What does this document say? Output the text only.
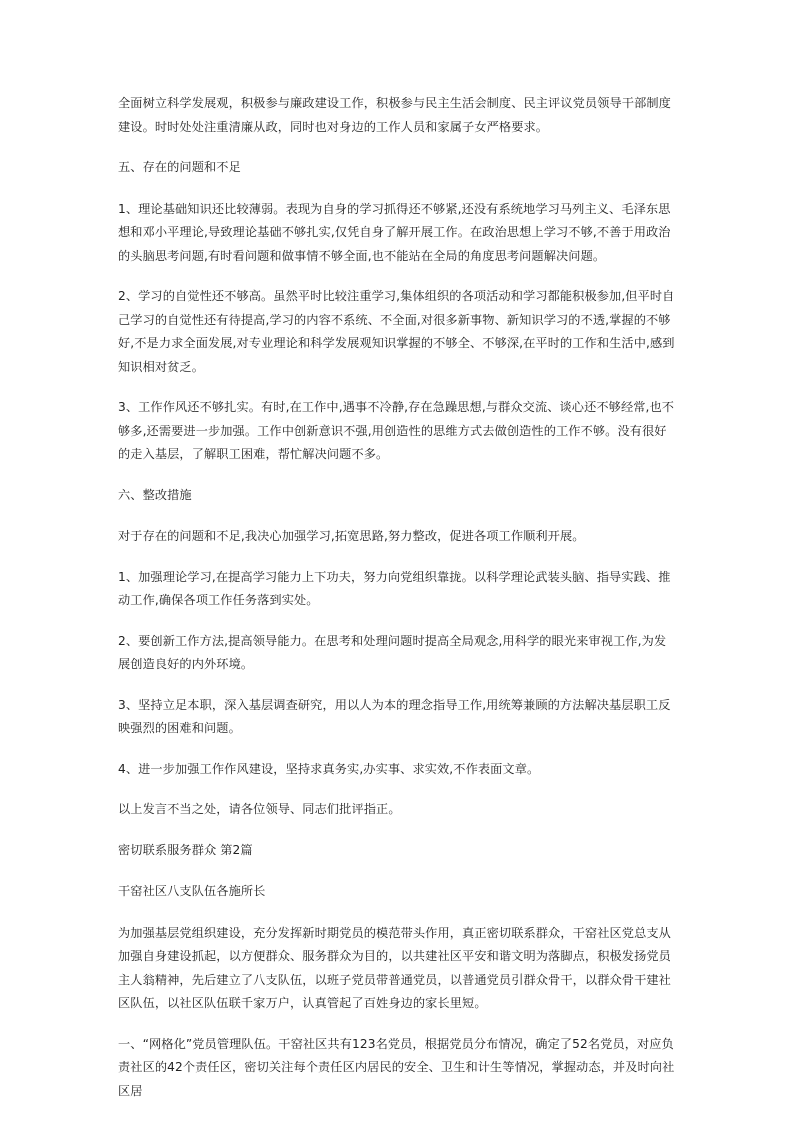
全面树立科学发展观，积极参与廉政建设工作，积极参与民主生活会制度、民主评议党员领导干部制度建设。时时处处注重清廉从政，同时也对身边的工作人员和家属子女严格要求。

五、存在的问题和不足

1、理论基础知识还比较薄弱。表现为自身的学习抓得还不够紧,还没有系统地学习马列主义、毛泽东思想和邓小平理论,导致理论基础不够扎实,仅凭自身了解开展工作。在政治思想上学习不够,不善于用政治的头脑思考问题,有时看问题和做事情不够全面,也不能站在全局的角度思考问题解决问题。

2、学习的自觉性还不够高。虽然平时比较注重学习,集体组织的各项活动和学习都能积极参加,但平时自己学习的自觉性还有待提高,学习的内容不系统、不全面,对很多新事物、新知识学习的不透,掌握的不够好,不是力求全面发展,对专业理论和科学发展观知识掌握的不够全、不够深,在平时的工作和生活中,感到知识相对贫乏。

3、工作作风还不够扎实。有时,在工作中,遇事不冷静,存在急躁思想,与群众交流、谈心还不够经常,也不够多,还需要进一步加强。工作中创新意识不强,用创造性的思维方式去做创造性的工作不够。没有很好的走入基层，了解职工困难，帮忙解决问题不多。

六、整改措施

对于存在的问题和不足,我决心加强学习,拓宽思路,努力整改，促进各项工作顺利开展。

1、加强理论学习,在提高学习能力上下功夫，努力向党组织靠拢。以科学理论武装头脑、指导实践、推动工作,确保各项工作任务落到实处。

2、要创新工作方法,提高领导能力。在思考和处理问题时提高全局观念,用科学的眼光来审视工作,为发展创造良好的内外环境。

3、坚持立足本职，深入基层调查研究，用以人为本的理念指导工作,用统筹兼顾的方法解决基层职工反映强烈的困难和问题。

4、进一步加强工作作风建设，坚持求真务实,办实事、求实效,不作表面文章。

以上发言不当之处，请各位领导、同志们批评指正。

密切联系服务群众 第2篇

干窑社区八支队伍各施所长

为加强基层党组织建设，充分发挥新时期党员的模范带头作用，真正密切联系群众，干窑社区党总支从加强自身建设抓起，以方便群众、服务群众为目的，以共建社区平安和谐文明为落脚点，积极发扬党员主人翁精神，先后建立了八支队伍，以班子党员带普通党员，以普通党员引群众骨干，以群众骨干建社区队伍，以社区队伍联千家万户，认真管起了百姓身边的家长里短。

一、“网格化”党员管理队伍。干窑社区共有123名党员，根据党员分布情况，确定了52名党员，对应负责社区的42个责任区，密切关注每个责任区内居民的安全、卫生和计生等情况，掌握动态，并及时向社区居
